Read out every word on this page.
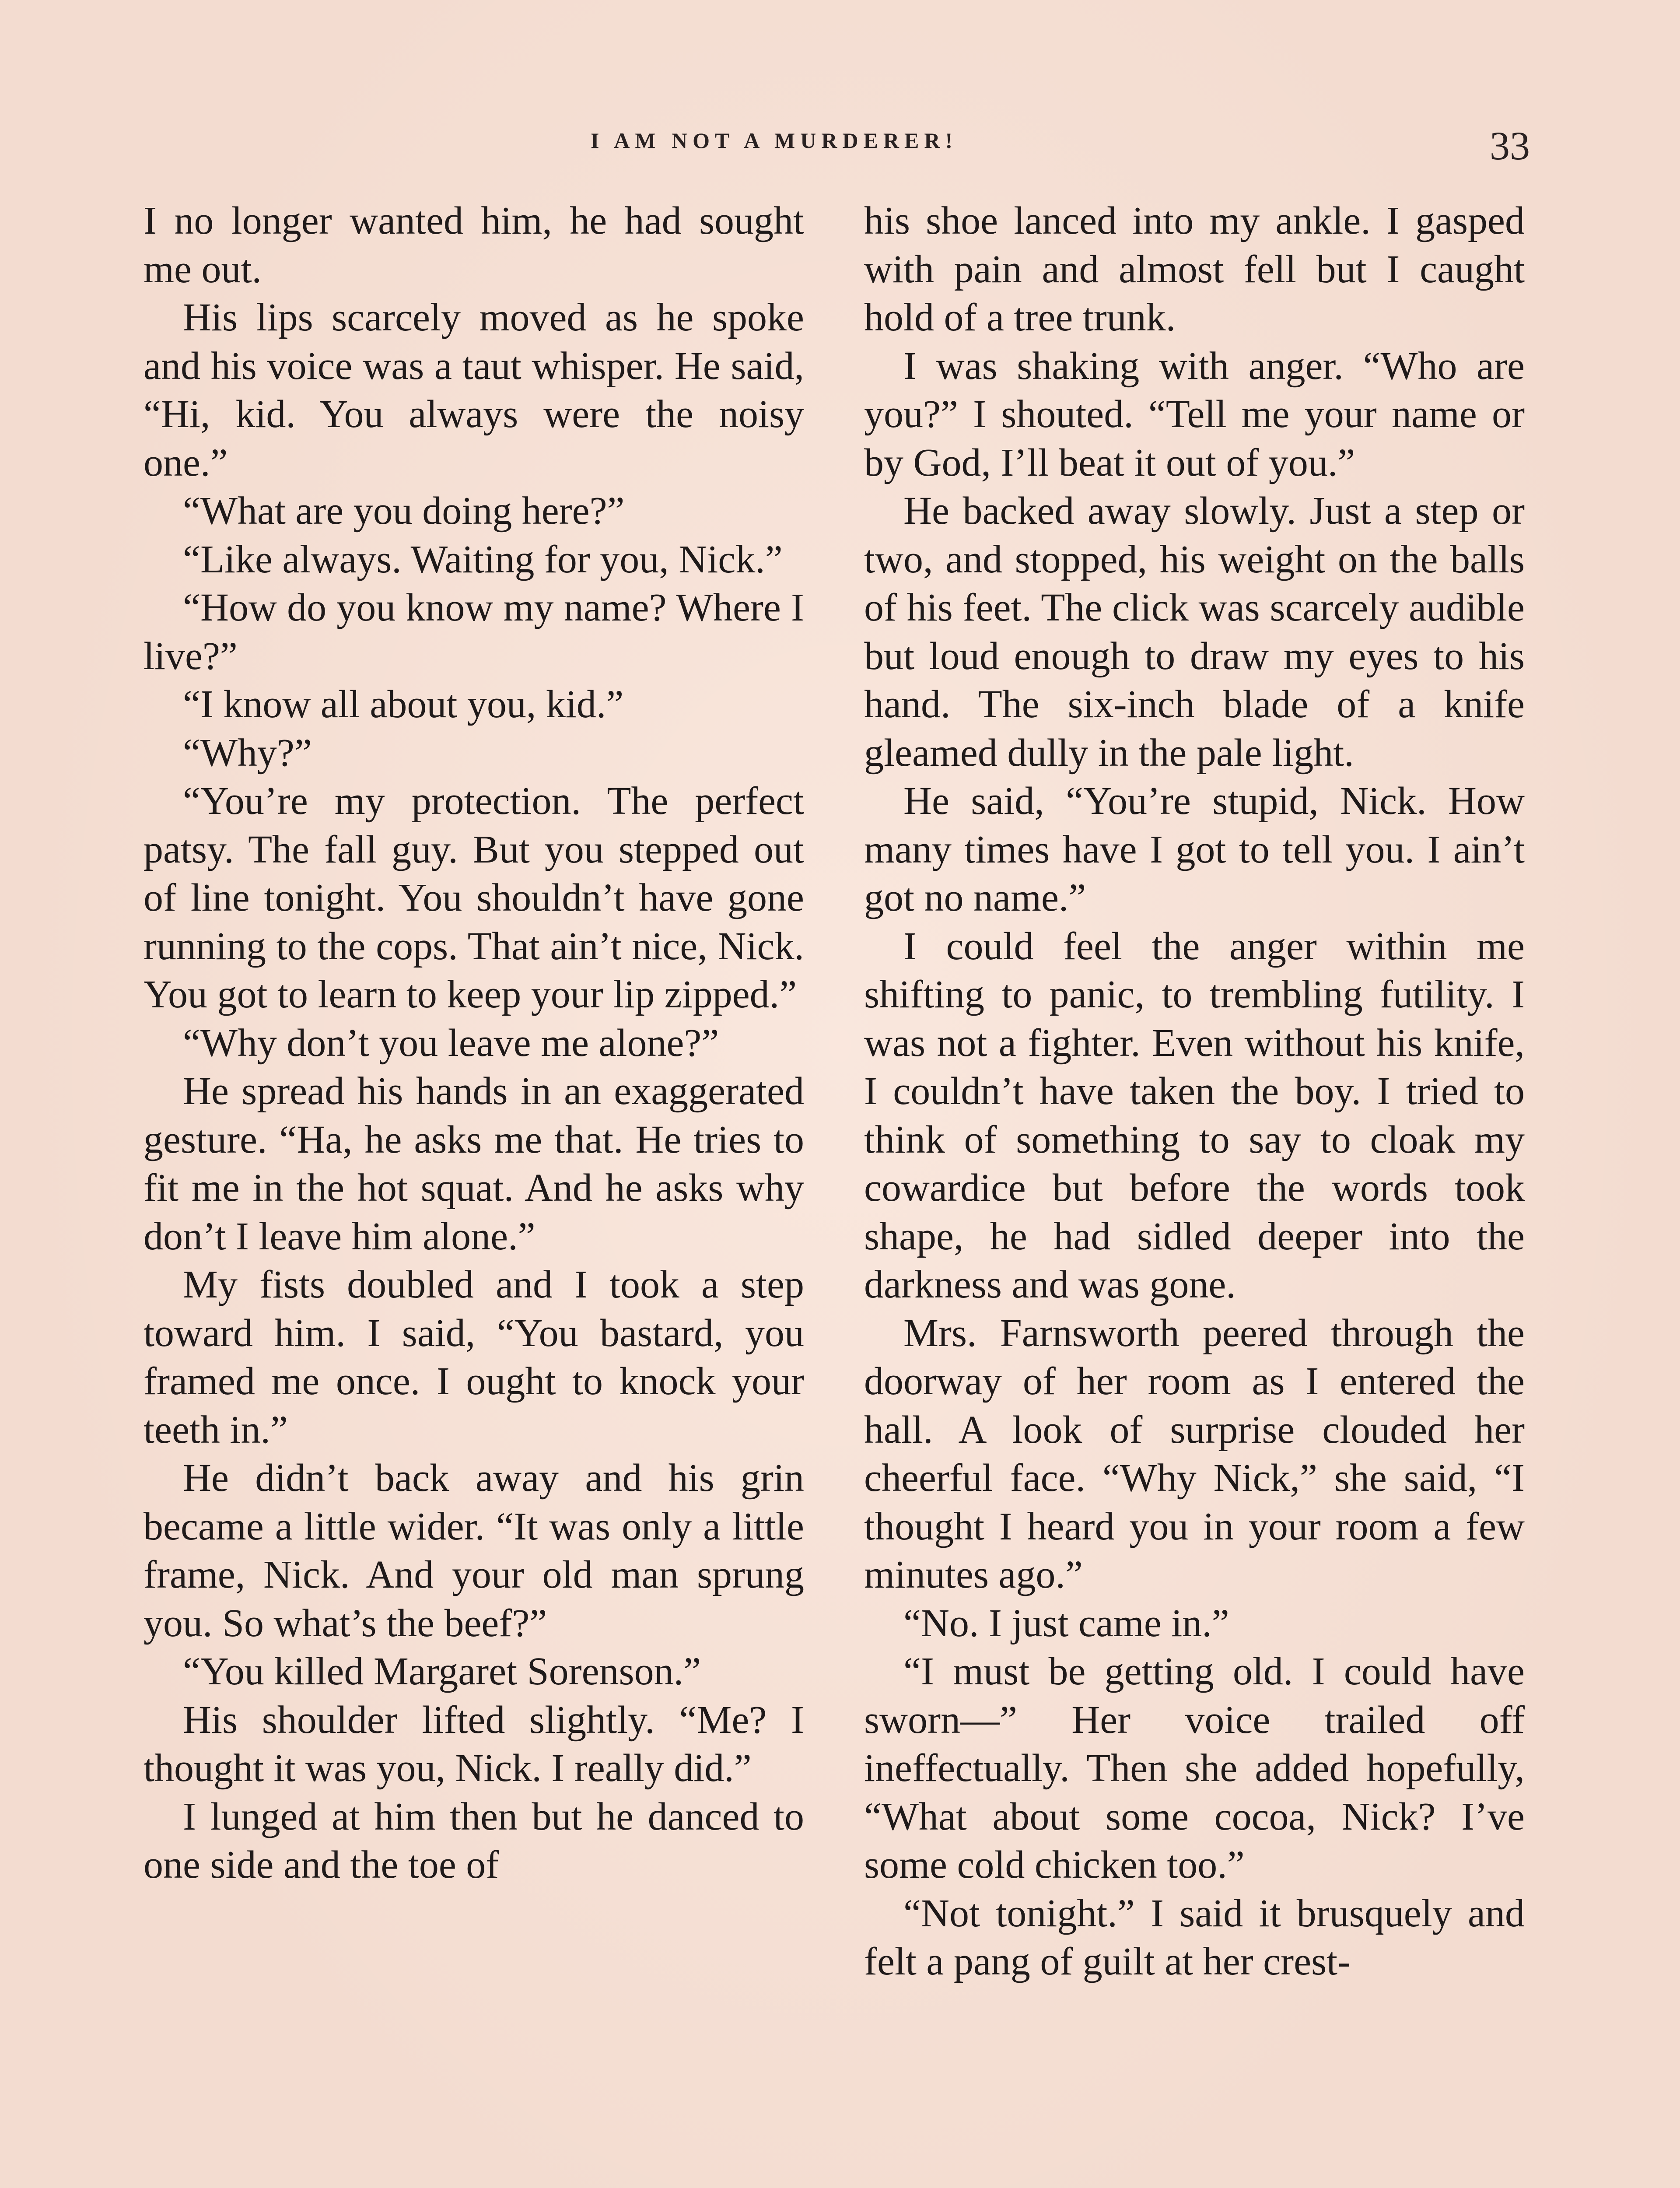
I AM NOT A MURDERER!	33

I no longer wanted him, he had sought me out.

His lips scarcely moved as he spoke and his voice was a taut whisper. He said, “Hi, kid. You always were the noisy one.”

“What are you doing here?”

“Like always. Waiting for you, Nick.”

“How do you know my name? Where I live?”

“I know all about you, kid.”

“Why?”

“You’re my protection. The perfect patsy. The fall guy. But you stepped out of line tonight. You shouldn’t have gone running to the cops. That ain’t nice, Nick. You got to learn to keep your lip zipped.”

“Why don’t you leave me alone?”

He spread his hands in an exaggerated gesture. “Ha, he asks me that. He tries to fit me in the hot squat. And he asks why don’t I leave him alone.”

My fists doubled and I took a step toward him. I said, “You bastard, you framed me once. I ought to knock your teeth in.”

He didn’t back away and his grin became a little wider. “It was only a little frame, Nick. And your old man sprung you. So what’s the beef?”

“You killed Margaret Sorenson.”

His shoulder lifted slightly. “Me? I thought it was you, Nick. I really did.”

I lunged at him then but he danced to one side and the toe of

his shoe lanced into my ankle. I gasped with pain and almost fell but I caught hold of a tree trunk.

I was shaking with anger. “Who are you?” I shouted. “Tell me your name or by God, I’ll beat it out of you.”

He backed away slowly. Just a step or two, and stopped, his weight on the balls of his feet. The click was scarcely audible but loud enough to draw my eyes to his hand. The six-inch blade of a knife gleamed dully in the pale light.

He said, “You’re stupid, Nick. How many times have I got to tell you. I ain’t got no name.”

I could feel the anger within me shifting to panic, to trembling futility. I was not a fighter. Even without his knife, I couldn’t have taken the boy. I tried to think of something to say to cloak my cowardice but before the words took shape, he had sidled deeper into the darkness and was gone.

Mrs. Farnsworth peered through the doorway of her room as I entered the hall. A look of surprise clouded her cheerful face. “Why Nick,” she said, “I thought I heard you in your room a few minutes ago.”

“No. I just came in.”

“I must be getting old. I could have sworn—” Her voice trailed off ineffectually. Then she added hopefully, “What about some cocoa, Nick? I’ve some cold chicken too.”

“Not tonight.” I said it brusquely and felt a pang of guilt at her crest-
